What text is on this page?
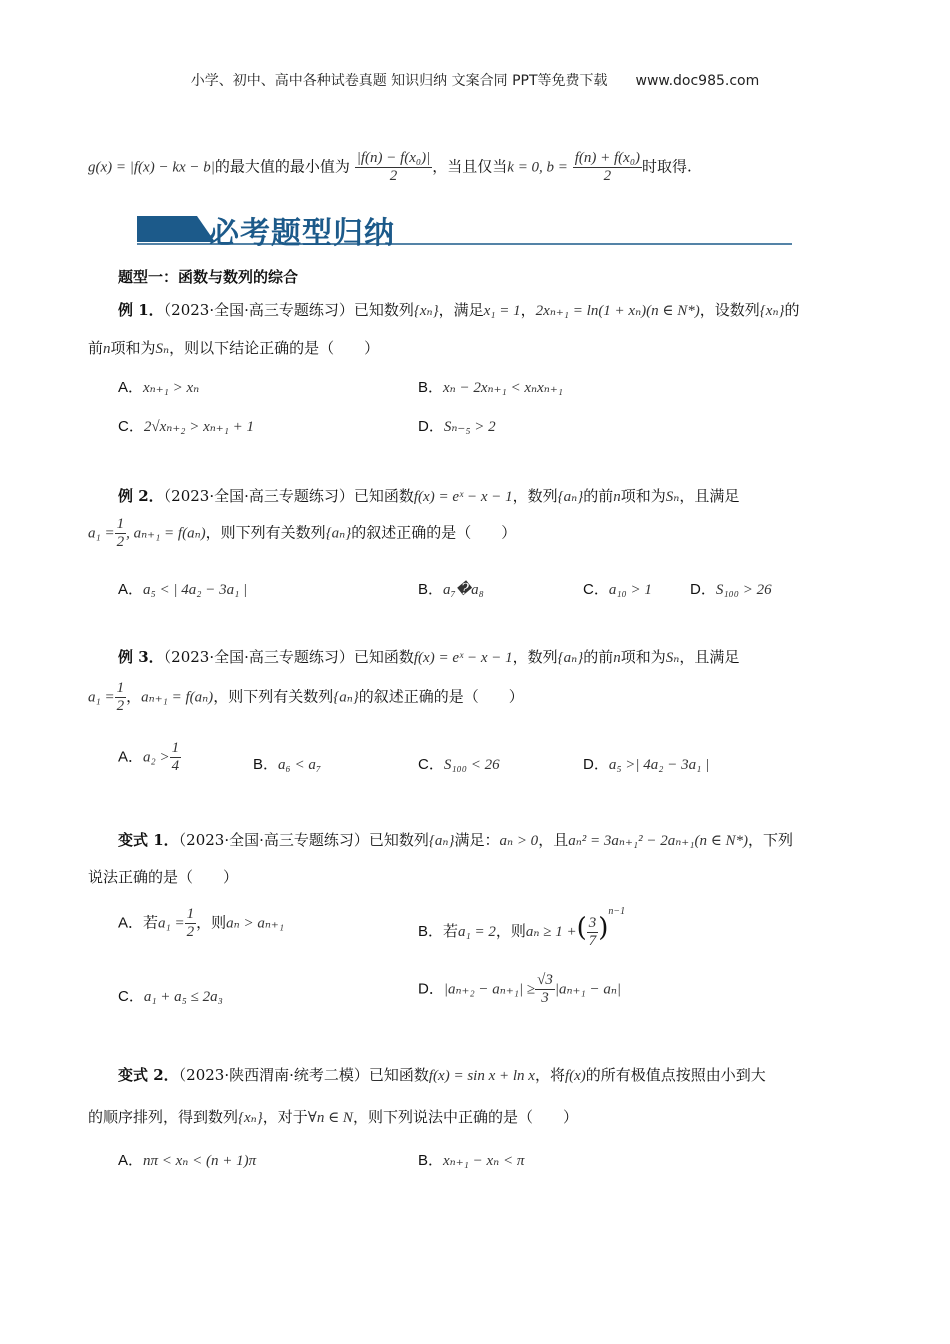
小学、初中、高中各种试卷真题 知识归纳 文案合同 PPT等免费下载 www.doc985.com
g(x) = |f(x) − kx − b|的最大值的最小值为 $\frac{\text{|f(n) − f(x₀)|}}{2}$ ，当且仅当k = 0, $b = \frac{\text{f(n) + f(x₀)}}{2}$ 时取得.
必考题型归纳
题型一：函数与数列的综合
例 1．（2023·全国·高三专题练习）已知数列{xₙ}，满足x₁ = 1，2xₙ₊₁ = ln(1 + xₙ)(n ∈ N*)，设数列{xₙ}的
前n项和为Sₙ，则以下结论正确的是（　　）
A．xₙ₊₁ > xₙ	B．xₙ − 2xₙ₊₁ < xₙxₙ₊₁
C．2√xₙ₊₂ > xₙ₊₁ + 1	D．Sₙ₋₅ > 2
例 2．（2023·全国·高三专题练习）已知函数f(x) = eˣ − x − 1，数列{aₙ}的前n项和为Sₙ，且满足
$a_1 = \frac{1}{2}$ , aₙ₊₁ = f(aₙ)，则下列有关数列{aₙ}的叙述正确的是（　　）
A．a₅ < | 4a₂ − 3a₁ |	B．a₇�a₈	C．a₁₀ > 1	D．S₁₀₀ > 26
例 3．（2023·全国·高三专题练习）已知函数f(x) = eˣ − x − 1，数列{aₙ}的前n项和为Sₙ，且满足
$a_1 = \frac{1}{2}$ ，aₙ₊₁ = f(aₙ)，则下列有关数列{aₙ}的叙述正确的是（　　）
A．$a_2 > \frac{1}{4}$	B．a₆ < a₇	C．S₁₀₀ < 26	D．a₅ >| 4a₂ − 3a₁ |
变式 1．（2023·全国·高三专题练习）已知数列{aₙ}满足：aₙ > 0，且aₙ² = 3aₙ₊₁² − 2aₙ₊₁(n ∈ N*)，下列
说法正确的是（　　）
A．若$a_1 = \frac{1}{2}$ ，则aₙ > aₙ₊₁	B．若a₁ = 2，则aₙ ≥ 1 +( $\frac{3}{7} )^{n-1}$
C．a₁ + a₅ ≤ 2a₃	D．$|a_{n+2} - a_{n+1}| \ge \frac{√3}{3} |a_{n+1} - a_n|$
变式 2．（2023·陕西渭南·统考二模）已知函数f(x) = sin x + ln x，将f(x)的所有极值点按照由小到大
的顺序排列，得到数列{xₙ}，对于∀n ∈ N，则下列说法中正确的是（　　）
A．nπ < xₙ < (n + 1)π	B．xₙ₊₁ − xₙ < π
